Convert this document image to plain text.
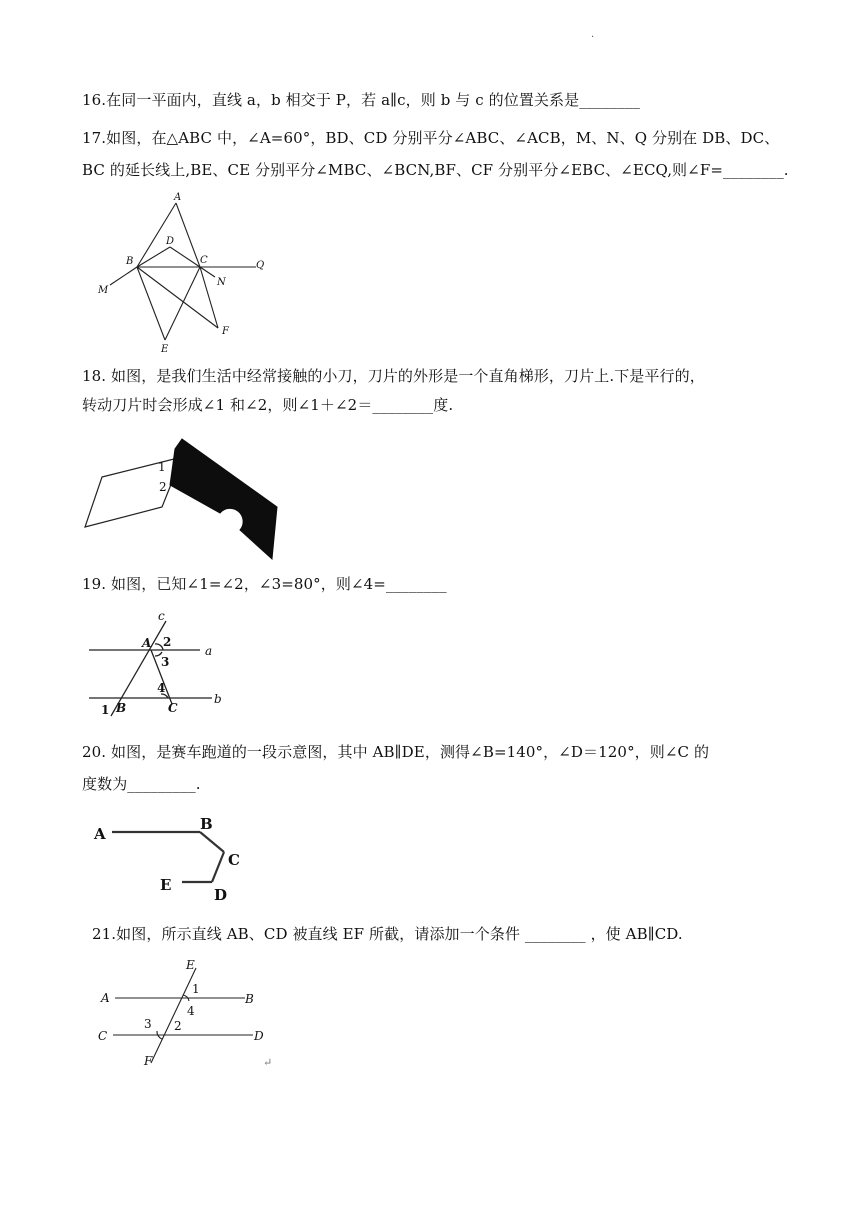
·
16.在同一平面内，直线 a，b 相交于 P，若 a∥c，则 b 与 c 的位置关系是________
17.如图，在△ABC 中，∠A=60°，BD、CD 分别平分∠ABC、∠ACB，M、N、Q 分别在 DB、DC、
BC 的延长线上,BE、CE 分别平分∠MBC、∠BCN,BF、CF 分别平分∠EBC、∠ECQ,则∠F=________.
A
B	C
D
E
F
M
N
Q
18. 如图，是我们生活中经常接触的小刀，刀片的外形是一个直角梯形，刀片上.下是平行的，
转动刀片时会形成∠1 和∠2，则∠1＋∠2＝________度.
1
2
19. 如图，已知∠1=∠2，∠3=80°，则∠4=________
c
a
b
A
B	C
1
2
3
4
20. 如图，是赛车跑道的一段示意图，其中 AB∥DE，测得∠B=140°，∠D＝120°，则∠C 的
度数为_________.
A
B
C
D
E
21.如图，所示直线 AB、CD 被直线 EF 所截，请添加一个条件 ________ ，使 AB∥CD.
E
F
A	B
C	D
1
2
3
4
↵
